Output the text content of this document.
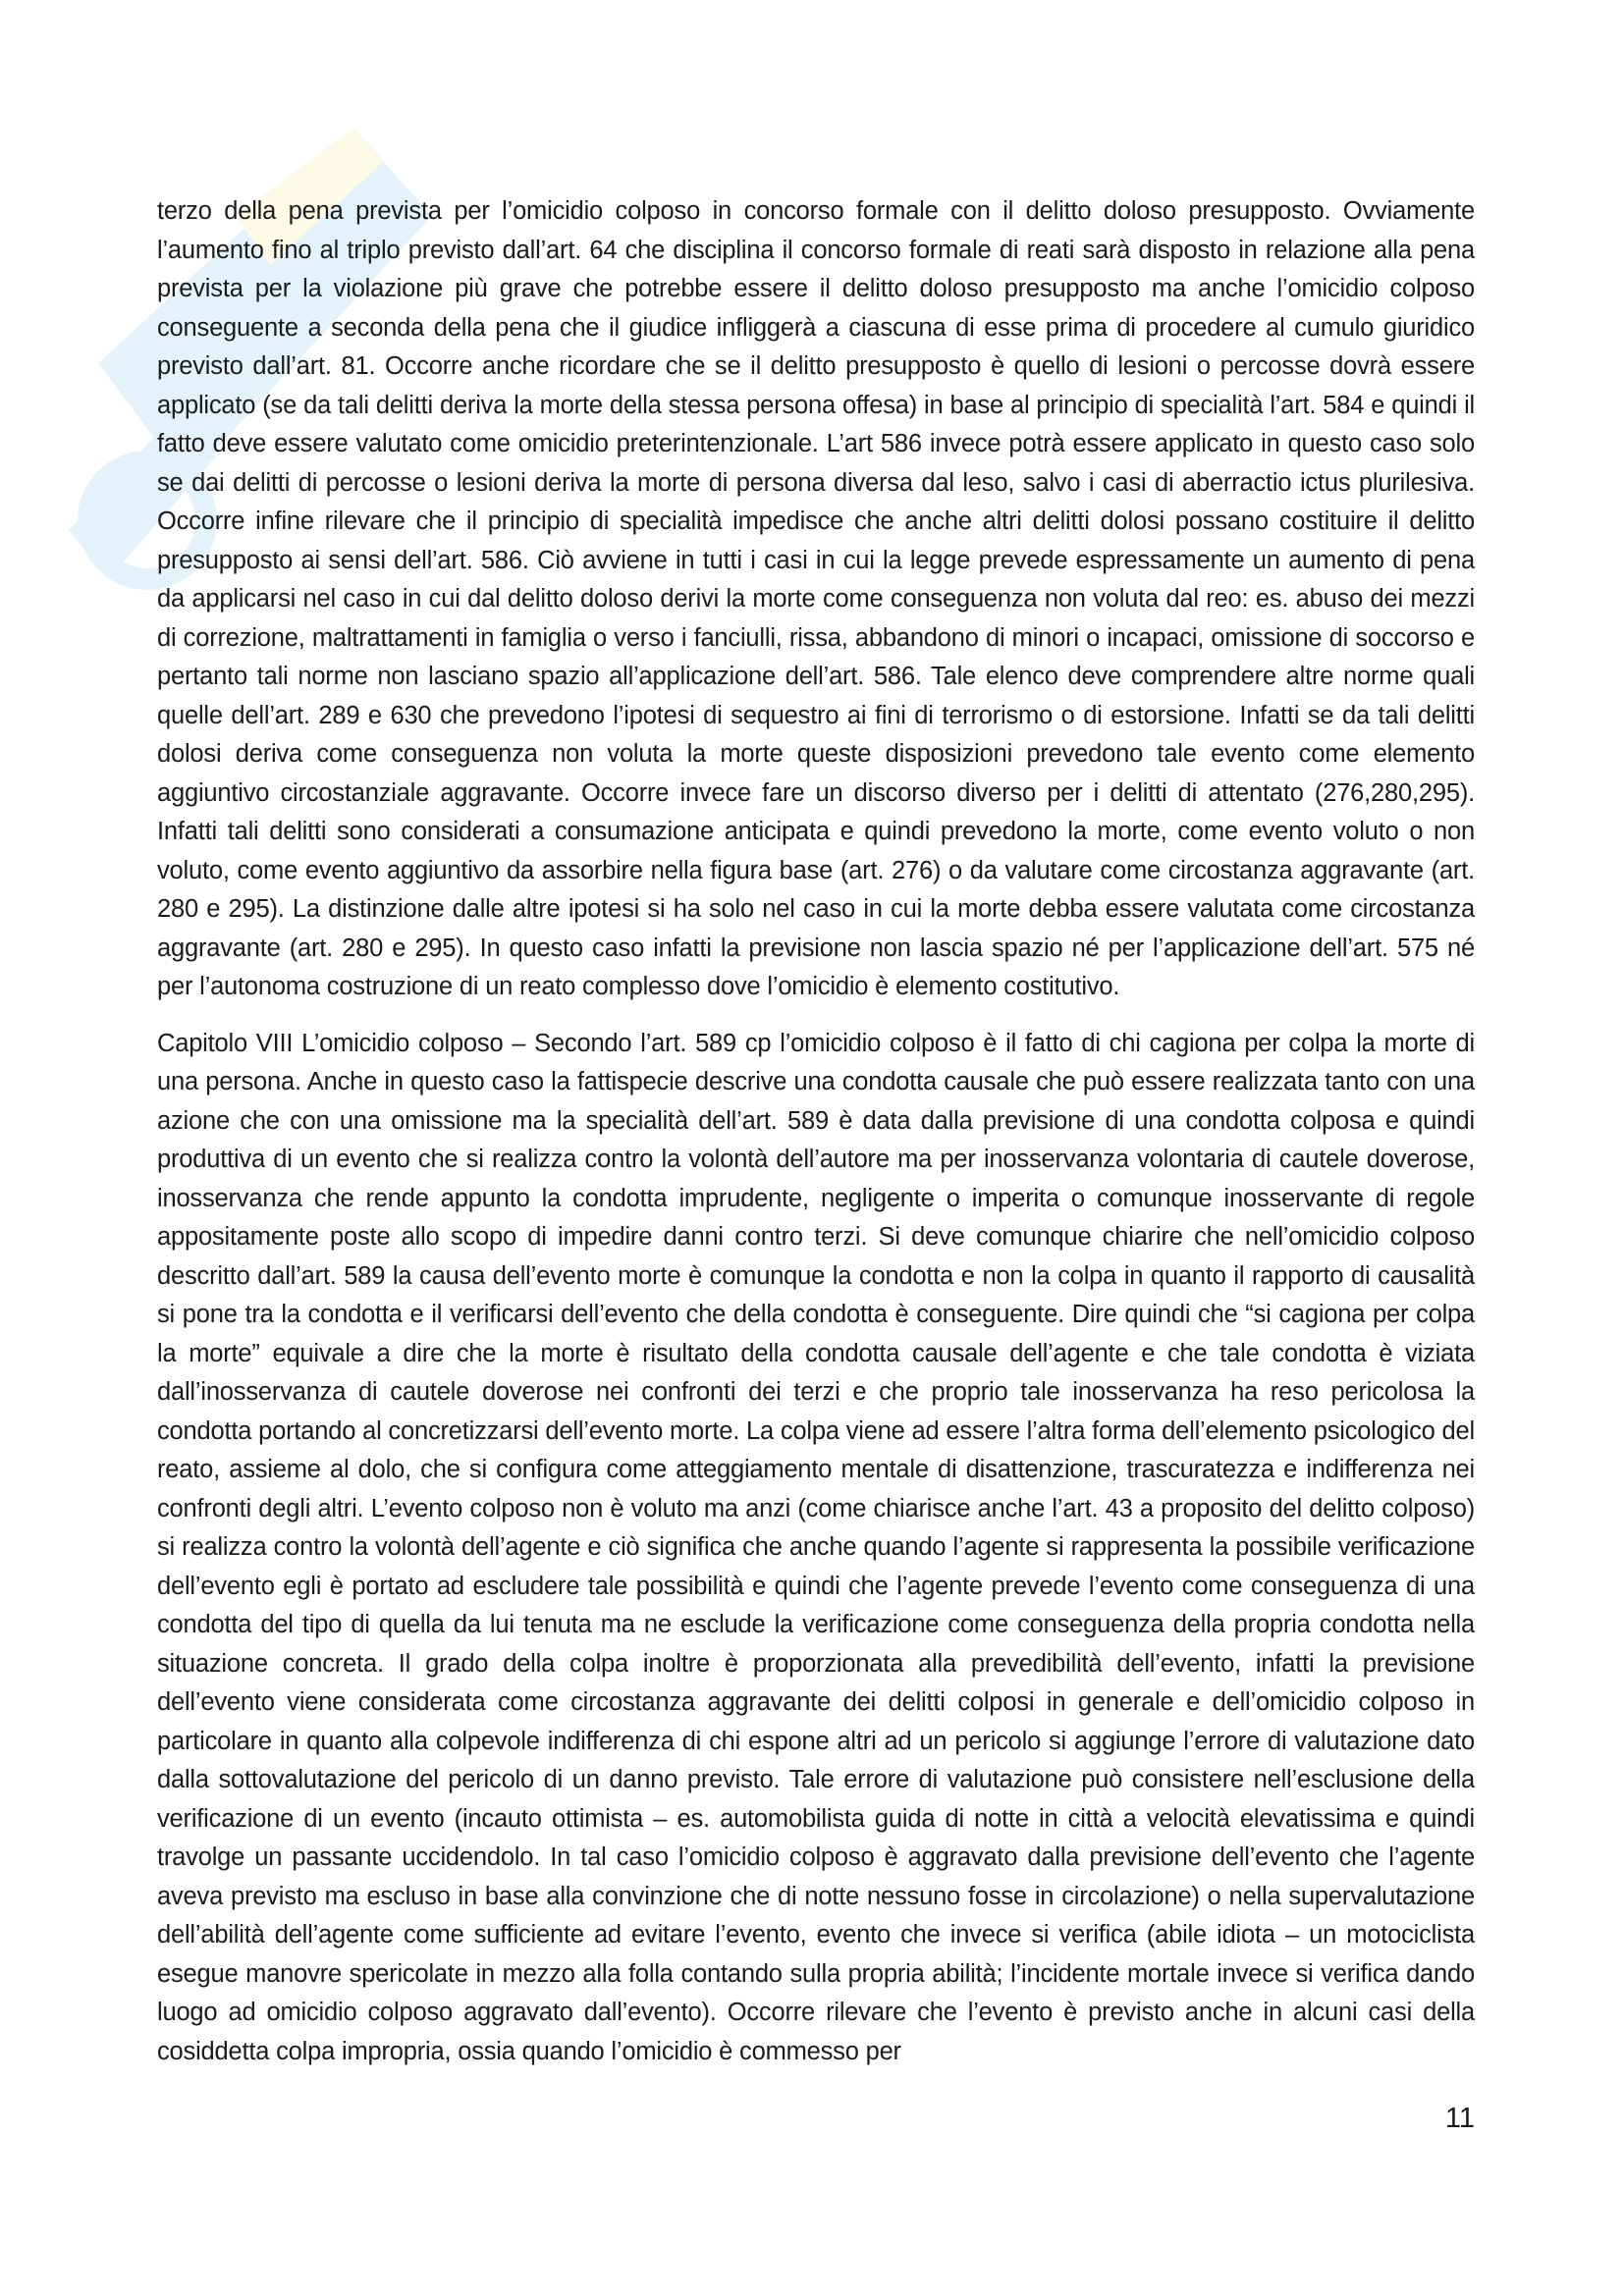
terzo della pena prevista per l’omicidio colposo in concorso formale con il delitto doloso presupposto. Ovviamente l’aumento fino al triplo previsto dall’art. 64 che disciplina il concorso formale di reati sarà disposto in relazione alla pena prevista per la violazione più grave che potrebbe essere il delitto doloso presupposto ma anche l’omicidio colposo conseguente a seconda della pena che il giudice infliggerà a ciascuna di esse prima di procedere al cumulo giuridico previsto dall’art. 81. Occorre anche ricordare che se il delitto presupposto è quello di lesioni o percosse dovrà essere applicato (se da tali delitti deriva la morte della stessa persona offesa) in base al principio di specialità l’art. 584 e quindi il fatto deve essere valutato come omicidio preterintenzionale. L’art 586 invece potrà essere applicato in questo caso solo se dai delitti di percosse o lesioni deriva la morte di persona diversa dal leso, salvo i casi di aberractio ictus plurilesiva. Occorre infine rilevare che il principio di specialità impedisce che anche altri delitti dolosi possano costituire il delitto presupposto ai sensi dell’art. 586. Ciò avviene in tutti i casi in cui la legge prevede espressamente un aumento di pena da applicarsi nel caso in cui dal delitto doloso derivi la morte come conseguenza non voluta dal reo: es. abuso dei mezzi di correzione, maltrattamenti in famiglia o verso i fanciulli, rissa, abbandono di minori o incapaci, omissione di soccorso e pertanto tali norme non lasciano spazio all’applicazione dell’art. 586. Tale elenco deve comprendere altre norme quali quelle dell’art. 289 e 630 che prevedono l’ipotesi di sequestro ai fini di terrorismo o di estorsione. Infatti se da tali delitti dolosi deriva come conseguenza non voluta la morte queste disposizioni prevedono tale evento come elemento aggiuntivo circostanziale aggravante. Occorre invece fare un discorso diverso per i delitti di attentato (276,280,295). Infatti tali delitti sono considerati a consumazione anticipata e quindi prevedono la morte, come evento voluto o non voluto, come evento aggiuntivo da assorbire nella figura base (art. 276) o da valutare come circostanza aggravante (art. 280 e 295). La distinzione dalle altre ipotesi si ha solo nel caso in cui la morte debba essere valutata come circostanza aggravante (art. 280 e 295). In questo caso infatti la previsione non lascia spazio né per l’applicazione dell’art. 575 né per l’autonoma costruzione di un reato complesso dove l’omicidio è elemento costitutivo.

Capitolo VIII L’omicidio colposo – Secondo l’art. 589 cp l’omicidio colposo è il fatto di chi cagiona per colpa la morte di una persona. Anche in questo caso la fattispecie descrive una condotta causale che può essere realizzata tanto con una azione che con una omissione ma la specialità dell’art. 589 è data dalla previsione di una condotta colposa e quindi produttiva di un evento che si realizza contro la volontà dell’autore ma per inosservanza volontaria di cautele doverose, inosservanza che rende appunto la condotta imprudente, negligente o imperita o comunque inosservante di regole appositamente poste allo scopo di impedire danni contro terzi. Si deve comunque chiarire che nell’omicidio colposo descritto dall’art. 589 la causa dell’evento morte è comunque la condotta e non la colpa in quanto il rapporto di causalità si pone tra la condotta e il verificarsi dell’evento che della condotta è conseguente. Dire quindi che “si cagiona per colpa la morte” equivale a dire che la morte è risultato della condotta causale dell’agente e che tale condotta è viziata dall’inosservanza di cautele doverose nei confronti dei terzi e che proprio tale inosservanza ha reso pericolosa la condotta portando al concretizzarsi dell’evento morte. La colpa viene ad essere l’altra forma dell’elemento psicologico del reato, assieme al dolo, che si configura come atteggiamento mentale di disattenzione, trascuratezza e indifferenza nei confronti degli altri. L’evento colposo non è voluto ma anzi (come chiarisce anche l’art. 43 a proposito del delitto colposo) si realizza contro la volontà dell’agente e ciò significa che anche quando l’agente si rappresenta la possibile verificazione dell’evento egli è portato ad escludere tale possibilità e quindi che l’agente prevede l’evento come conseguenza di una condotta del tipo di quella da lui tenuta ma ne esclude la verificazione come conseguenza della propria condotta nella situazione concreta. Il grado della colpa inoltre è proporzionata alla prevedibilità dell’evento, infatti la previsione dell’evento viene considerata come circostanza aggravante dei delitti colposi in generale e dell’omicidio colposo in particolare in quanto alla colpevole indifferenza di chi espone altri ad un pericolo si aggiunge l’errore di valutazione dato dalla sottovalutazione del pericolo di un danno previsto. Tale errore di valutazione può consistere nell’esclusione della verificazione di un evento (incauto ottimista – es. automobilista guida di notte in città a velocità elevatissima e quindi travolge un passante uccidendolo. In tal caso l’omicidio colposo è aggravato dalla previsione dell’evento che l’agente aveva previsto ma escluso in base alla convinzione che di notte nessuno fosse in circolazione) o nella supervalutazione dell’abilità dell’agente come sufficiente ad evitare l’evento, evento che invece si verifica (abile idiota – un motociclista esegue manovre spericolate in mezzo alla folla contando sulla propria abilità; l’incidente mortale invece si verifica dando luogo ad omicidio colposo aggravato dall’evento). Occorre rilevare che l’evento è previsto anche in alcuni casi della cosiddetta colpa impropria, ossia quando l’omicidio è commesso per

11
